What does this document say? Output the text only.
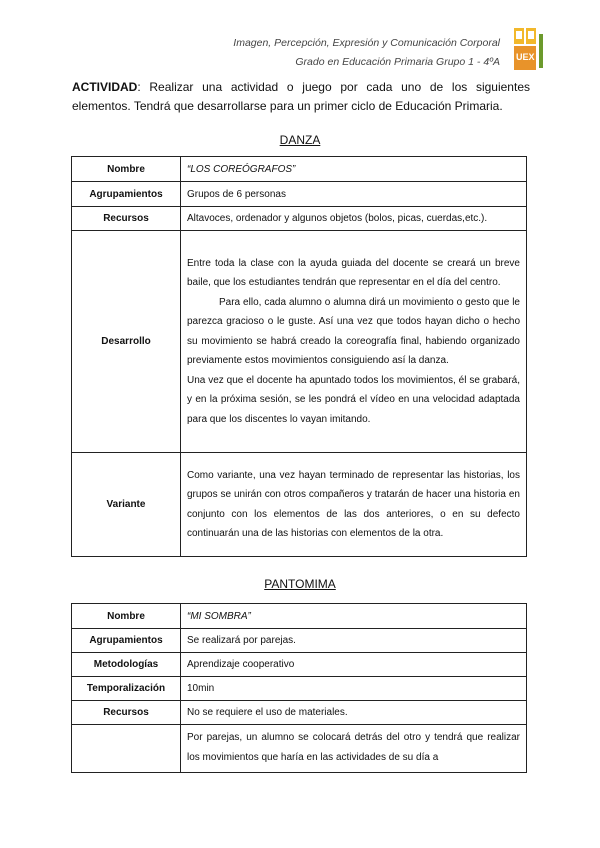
Imagen, Percepción, Expresión y Comunicación Corporal
Grado en Educación Primaria Grupo 1 - 4ºA UEX
ACTIVIDAD: Realizar una actividad o juego por cada uno de los siguientes elementos. Tendrá que desarrollarse para un primer ciclo de Educación Primaria.
DANZA
Nombre	“LOS COREÓGRAFOS”
Agrupamientos	Grupos de 6 personas
Recursos	Altavoces, ordenador y algunos objetos (bolos, picas, cuerdas,etc.).
Desarrollo	Entre toda la clase con la ayuda guiada del docente se creará un breve baile, que los estudiantes tendrán que representar en el día del centro.
Para ello, cada alumno o alumna dirá un movimiento o gesto que le parezca gracioso o le guste. Así una vez que todos hayan dicho o hecho su movimiento se habrá creado la coreografía final, habiendo organizado previamente estos movimientos consiguiendo así la danza.
Una vez que el docente ha apuntado todos los movimientos, él se grabará, y en la próxima sesión, se les pondrá el vídeo en una velocidad adaptada para que los discentes lo vayan imitando.

Variante	Como variante, una vez hayan terminado de representar las historias, los grupos se unirán con otros compañeros y tratarán de hacer una historia en conjunto con los elementos de las dos anteriores, o en su defecto continuarán una de las historias con elementos de la otra.
PANTOMIMA
Nombre	“MI SOMBRA”
Agrupamientos	Se realizará por parejas.
Metodologías	Aprendizaje cooperativo
Temporalización	10min
Recursos	No se requiere el uso de materiales.
	Por parejas, un alumno se colocará detrás del otro y tendrá que realizar los movimientos que haría en las actividades de su día a
